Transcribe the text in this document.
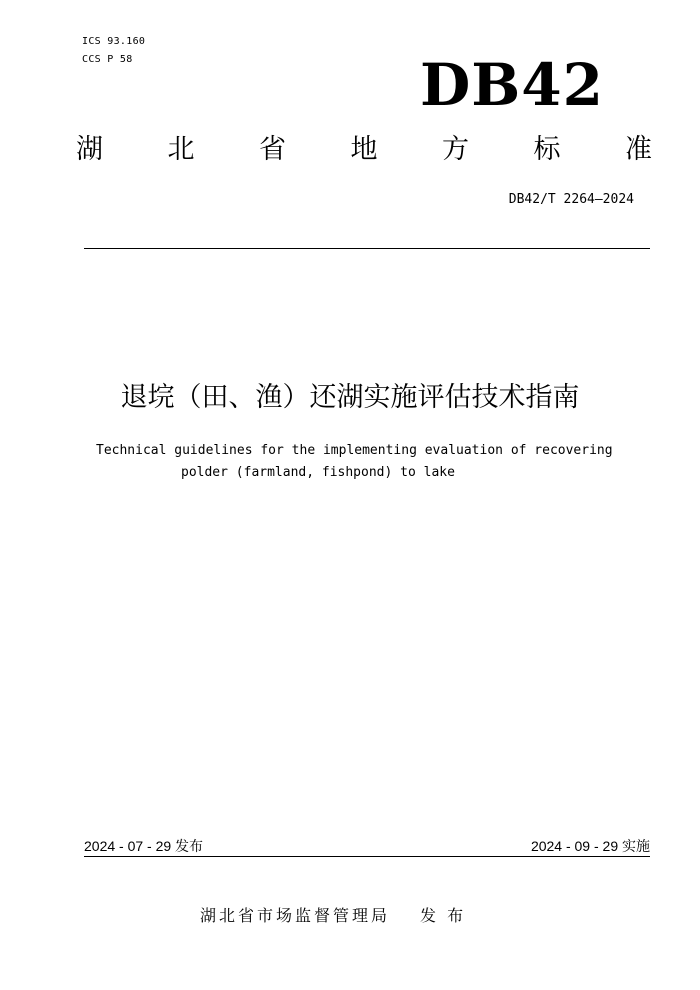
ICS 93.160
CCS P 58	DB42
湖 北 省 地 方 标 准
DB42/T 2264—2024
退垸（田、渔）还湖实施评估技术指南
Technical guidelines for the implementing evaluation of recovering
polder (farmland, fishpond) to lake
2024 - 07 - 29 发布	2024 - 09 - 29 实施
湖北省市场监督管理局 发 布
